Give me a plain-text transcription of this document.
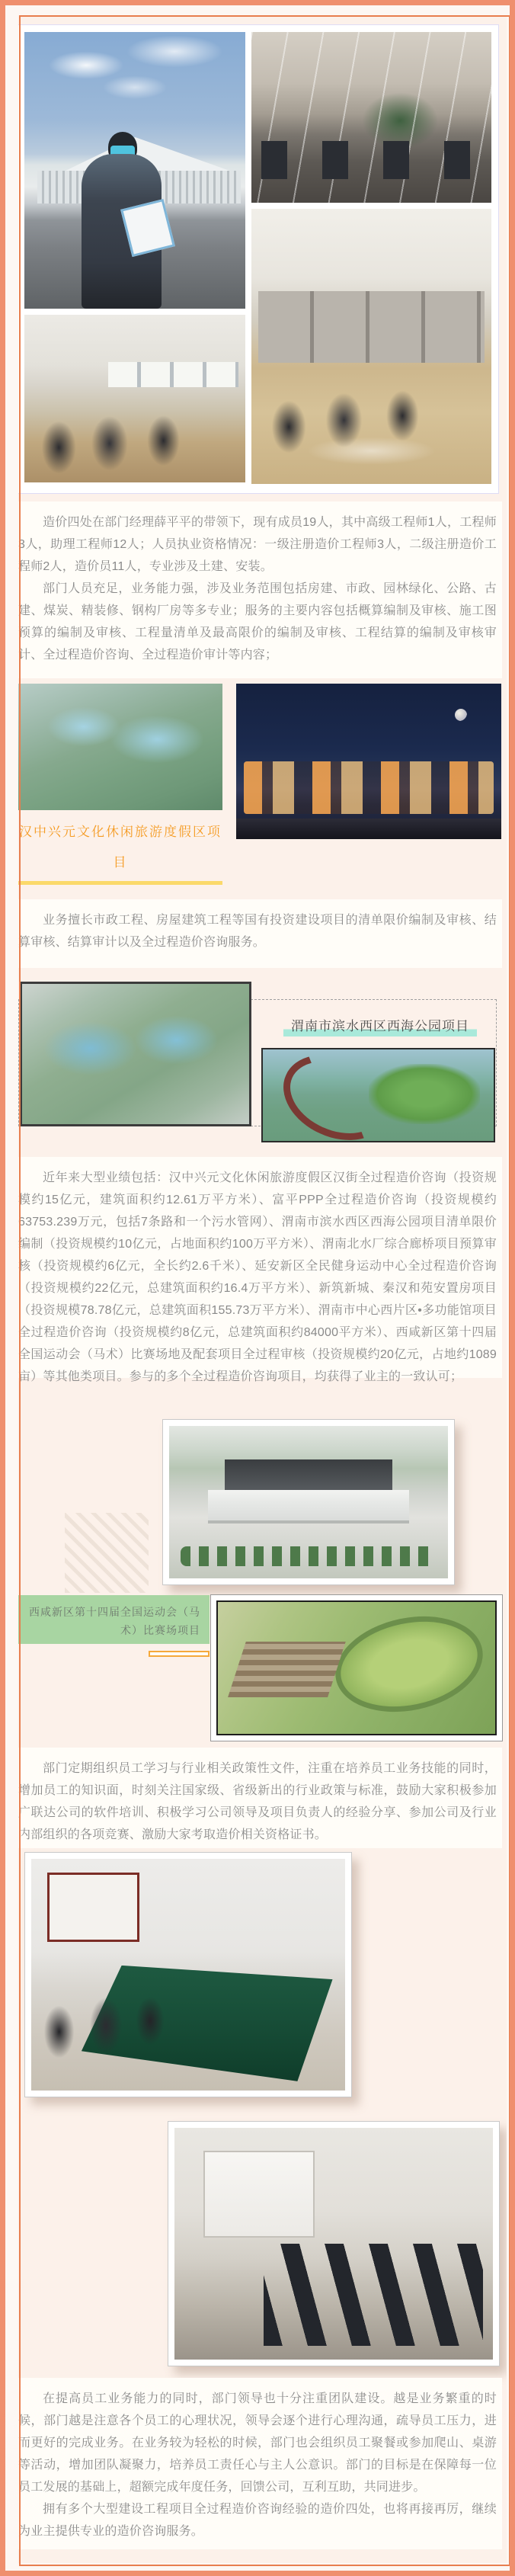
造价四处在部门经理薛平平的带领下，现有成员19人，其中高级工程师1人，工程师3人，助理工程师12人；人员执业资格情况：一级注册造价工程师3人，二级注册造价工程师2人，造价员11人，专业涉及土建、安装。

部门人员充足，业务能力强，涉及业务范围包括房建、市政、园林绿化、公路、古建、煤炭、精装修、钢构厂房等多专业；服务的主要内容包括概算编制及审核、施工图预算的编制及审核、工程量清单及最高限价的编制及审核、工程结算的编制及审核审计、全过程造价咨询、全过程造价审计等内容；

汉中兴元文化休闲旅游度假区项目

业务擅长市政工程、房屋建筑工程等国有投资建设项目的清单限价编制及审核、结算审核、结算审计以及全过程造价咨询服务。

渭南市滨水西区西海公园项目

近年来大型业绩包括：汉中兴元文化休闲旅游度假区汉街全过程造价咨询（投资规模约15亿元，建筑面积约12.61万平方米）、富平PPP全过程造价咨询（投资规模约63753.239万元，包括7条路和一个污水管网）、渭南市滨水西区西海公园项目清单限价编制（投资规模约10亿元，占地面积约100万平方米）、渭南北水厂综合廊桥项目预算审核（投资规模约6亿元，全长约2.6千米）、延安新区全民健身运动中心全过程造价咨询（投资规模约22亿元，总建筑面积约16.4万平方米）、新筑新城、秦汉和苑安置房项目（投资规模78.78亿元，总建筑面积155.73万平方米）、渭南市中心西片区•多功能馆项目全过程造价咨询（投资规模约8亿元，总建筑面积约84000平方米）、西咸新区第十四届全国运动会（马术）比赛场地及配套项目全过程审核（投资规模约20亿元，占地约1089亩）等其他类项目。参与的多个全过程造价咨询项目，均获得了业主的一致认可；

西咸新区第十四届全国运动会（马术）比赛场项目

部门定期组织员工学习与行业相关政策性文件，注重在培养员工业务技能的同时，增加员工的知识面，时刻关注国家级、省级新出的行业政策与标准，鼓励大家积极参加广联达公司的软件培训、积极学习公司领导及项目负责人的经验分享、参加公司及行业内部组织的各项竞赛、激励大家考取造价相关资格证书。

在提高员工业务能力的同时，部门领导也十分注重团队建设。越是业务繁重的时候，部门越是注意各个员工的心理状况，领导会逐个进行心理沟通，疏导员工压力，进而更好的完成业务。在业务较为轻松的时候，部门也会组织员工聚餐或参加爬山、桌游等活动，增加团队凝聚力，培养员工责任心与主人公意识。部门的目标是在保障每一位员工发展的基础上，超额完成年度任务，回馈公司，互利互助，共同进步。

拥有多个大型建设工程项目全过程造价咨询经验的造价四处，也将再接再厉，继续为业主提供专业的造价咨询服务。
